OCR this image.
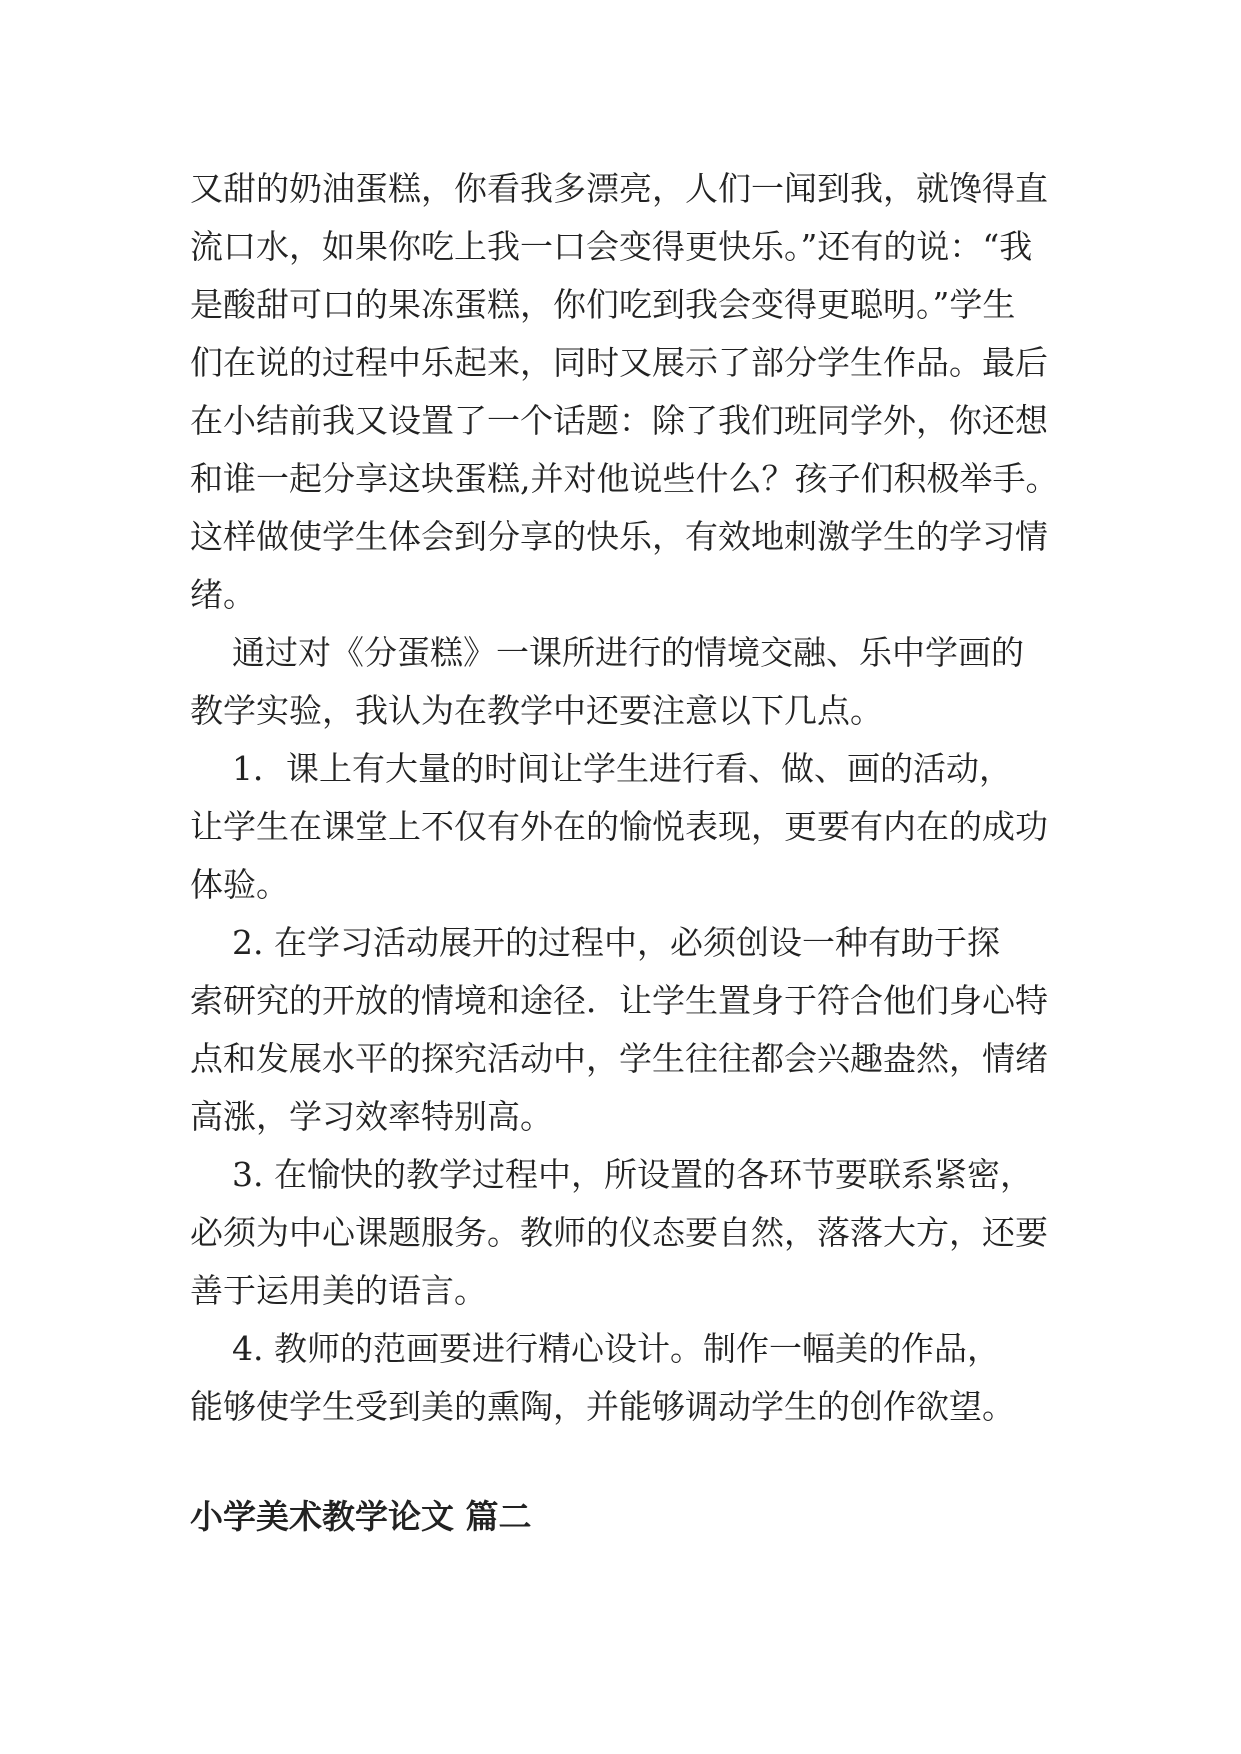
又甜的奶油蛋糕，你看我多漂亮，人们一闻到我，就馋得直

流口水，如果你吃上我一口会变得更快乐。”还有的说：“我

是酸甜可口的果冻蛋糕，你们吃到我会变得更聪明。”学生

们在说的过程中乐起来，同时又展示了部分学生作品。最后

在小结前我又设置了一个话题：除了我们班同学外，你还想

和谁一起分享这块蛋糕,并对他说些什么？孩子们积极举手。

这样做使学生体会到分享的快乐，有效地刺激学生的学习情

绪。

通过对《分蛋糕》一课所进行的情境交融、乐中学画的

教学实验，我认为在教学中还要注意以下几点。

1．课上有大量的时间让学生进行看、做、画的活动，

让学生在课堂上不仅有外在的愉悦表现，更要有内在的成功

体验。

2. 在学习活动展开的过程中，必须创设一种有助于探

索研究的开放的情境和途径．让学生置身于符合他们身心特

点和发展水平的探究活动中，学生往往都会兴趣盎然，情绪

高涨，学习效率特别高。

3. 在愉快的教学过程中，所设置的各环节要联系紧密，

必须为中心课题服务。教师的仪态要自然，落落大方，还要

善于运用美的语言。

4. 教师的范画要进行精心设计。制作一幅美的作品，

能够使学生受到美的熏陶，并能够调动学生的创作欲望。

小学美术教学论文 篇二
